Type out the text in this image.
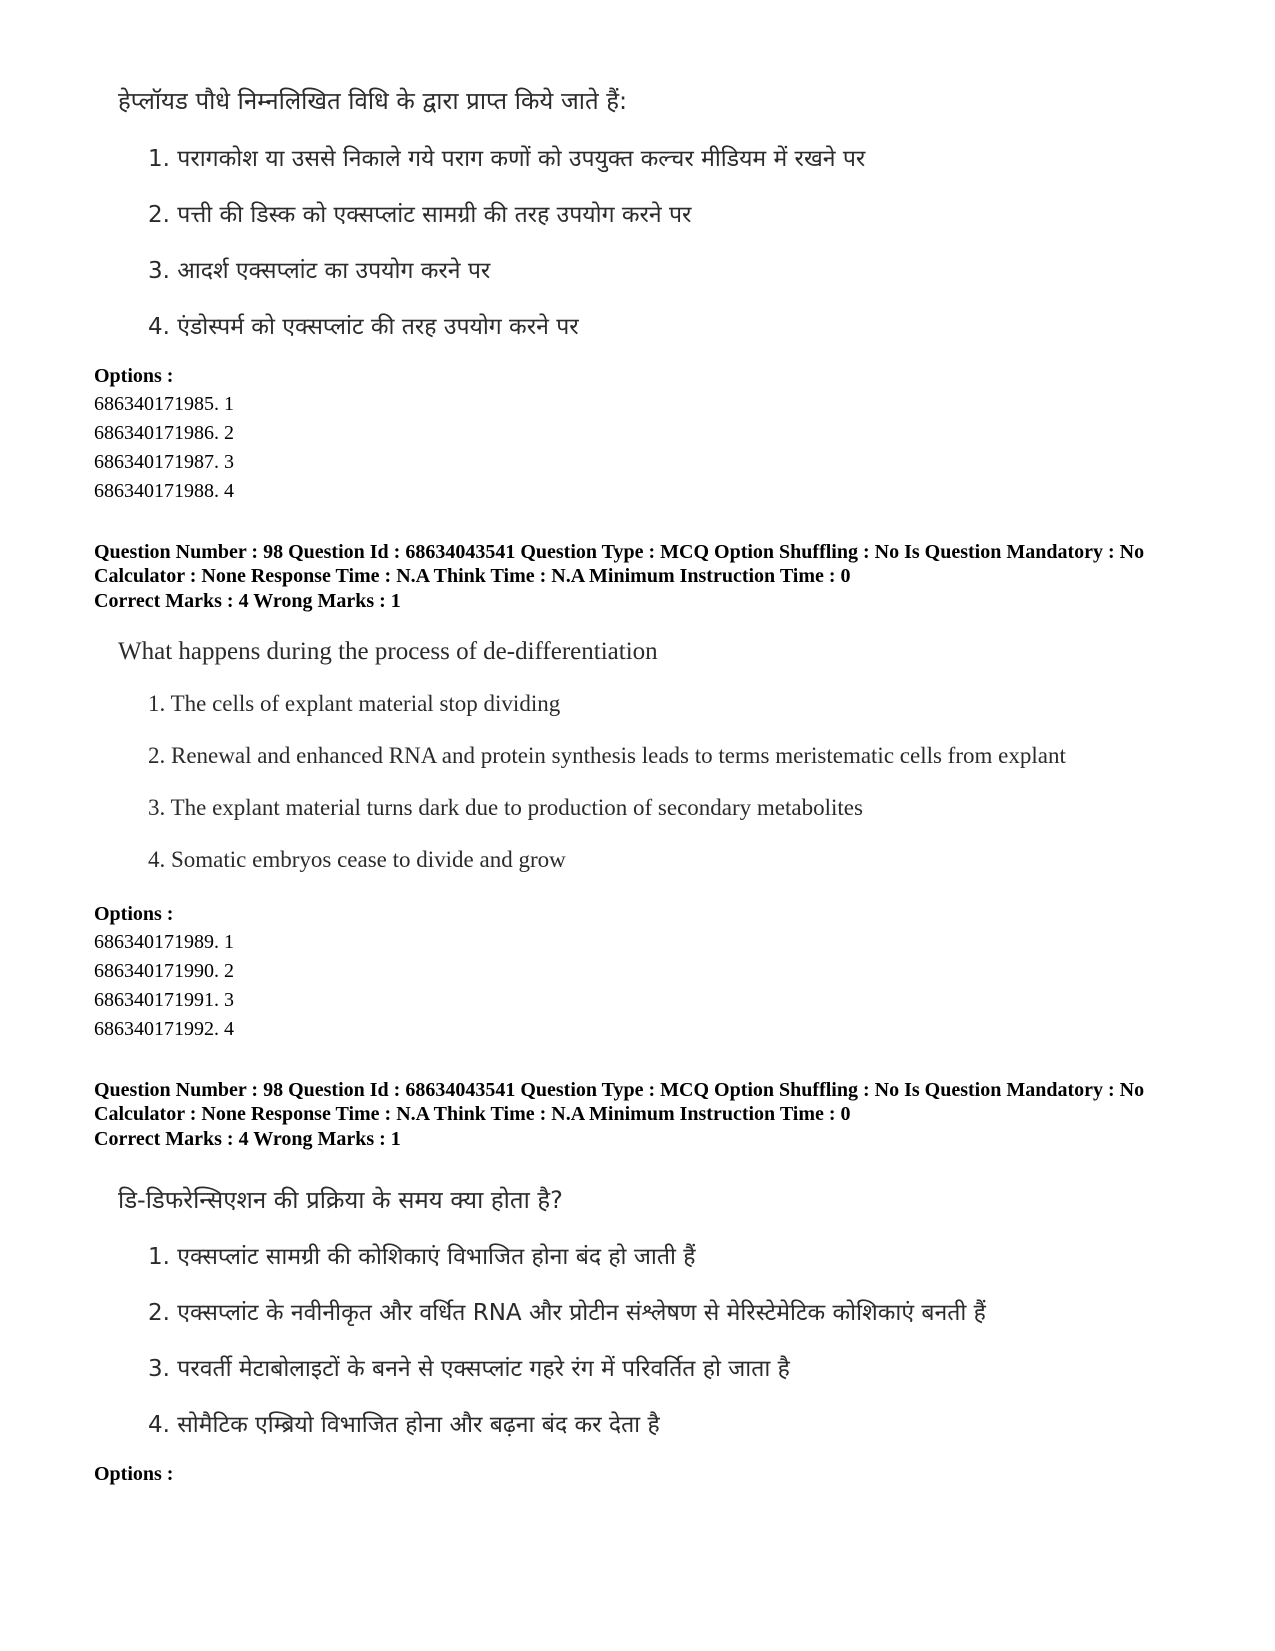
हेप्लॉयड पौधे निम्नलिखित विधि के द्वारा प्राप्त किये जाते हैं:

1. परागकोश या उससे निकाले गये पराग कणों को उपयुक्त कल्चर मीडियम में रखने पर
2. पत्ती की डिस्क को एक्सप्लांट सामग्री की तरह उपयोग करने पर
3. आदर्श एक्सप्लांट का उपयोग करने पर
4. एंडोस्पर्म को एक्सप्लांट की तरह उपयोग करने पर

Options :

686340171985. 1
686340171986. 2
686340171987. 3
686340171988. 4

Question Number : 98 Question Id : 68634043541 Question Type : MCQ Option Shuffling : No Is Question Mandatory : No Calculator : None Response Time : N.A Think Time : N.A Minimum Instruction Time : 0

Correct Marks : 4 Wrong Marks : 1

What happens during the process of de-differentiation

1. The cells of explant material stop dividing
2. Renewal and enhanced RNA and protein synthesis leads to terms meristematic cells from explant
3. The explant material turns dark due to production of secondary metabolites
4. Somatic embryos cease to divide and grow

Options :

686340171989. 1
686340171990. 2
686340171991. 3
686340171992. 4

Question Number : 98 Question Id : 68634043541 Question Type : MCQ Option Shuffling : No Is Question Mandatory : No Calculator : None Response Time : N.A Think Time : N.A Minimum Instruction Time : 0

Correct Marks : 4 Wrong Marks : 1

डि-डिफरेन्सिएशन की प्रक्रिया के समय क्या होता है?

1. एक्सप्लांट सामग्री की कोशिकाएं विभाजित होना बंद हो जाती हैं
2. एक्सप्लांट के नवीनीकृत और वर्धित RNA और प्रोटीन संश्लेषण से मेरिस्टेमेटिक कोशिकाएं बनती हैं
3. परवर्ती मेटाबोलाइटों के बनने से एक्सप्लांट गहरे रंग में परिवर्तित हो जाता है
4. सोमैटिक एम्ब्रियो विभाजित होना और बढ़ना बंद कर देता है

Options :
